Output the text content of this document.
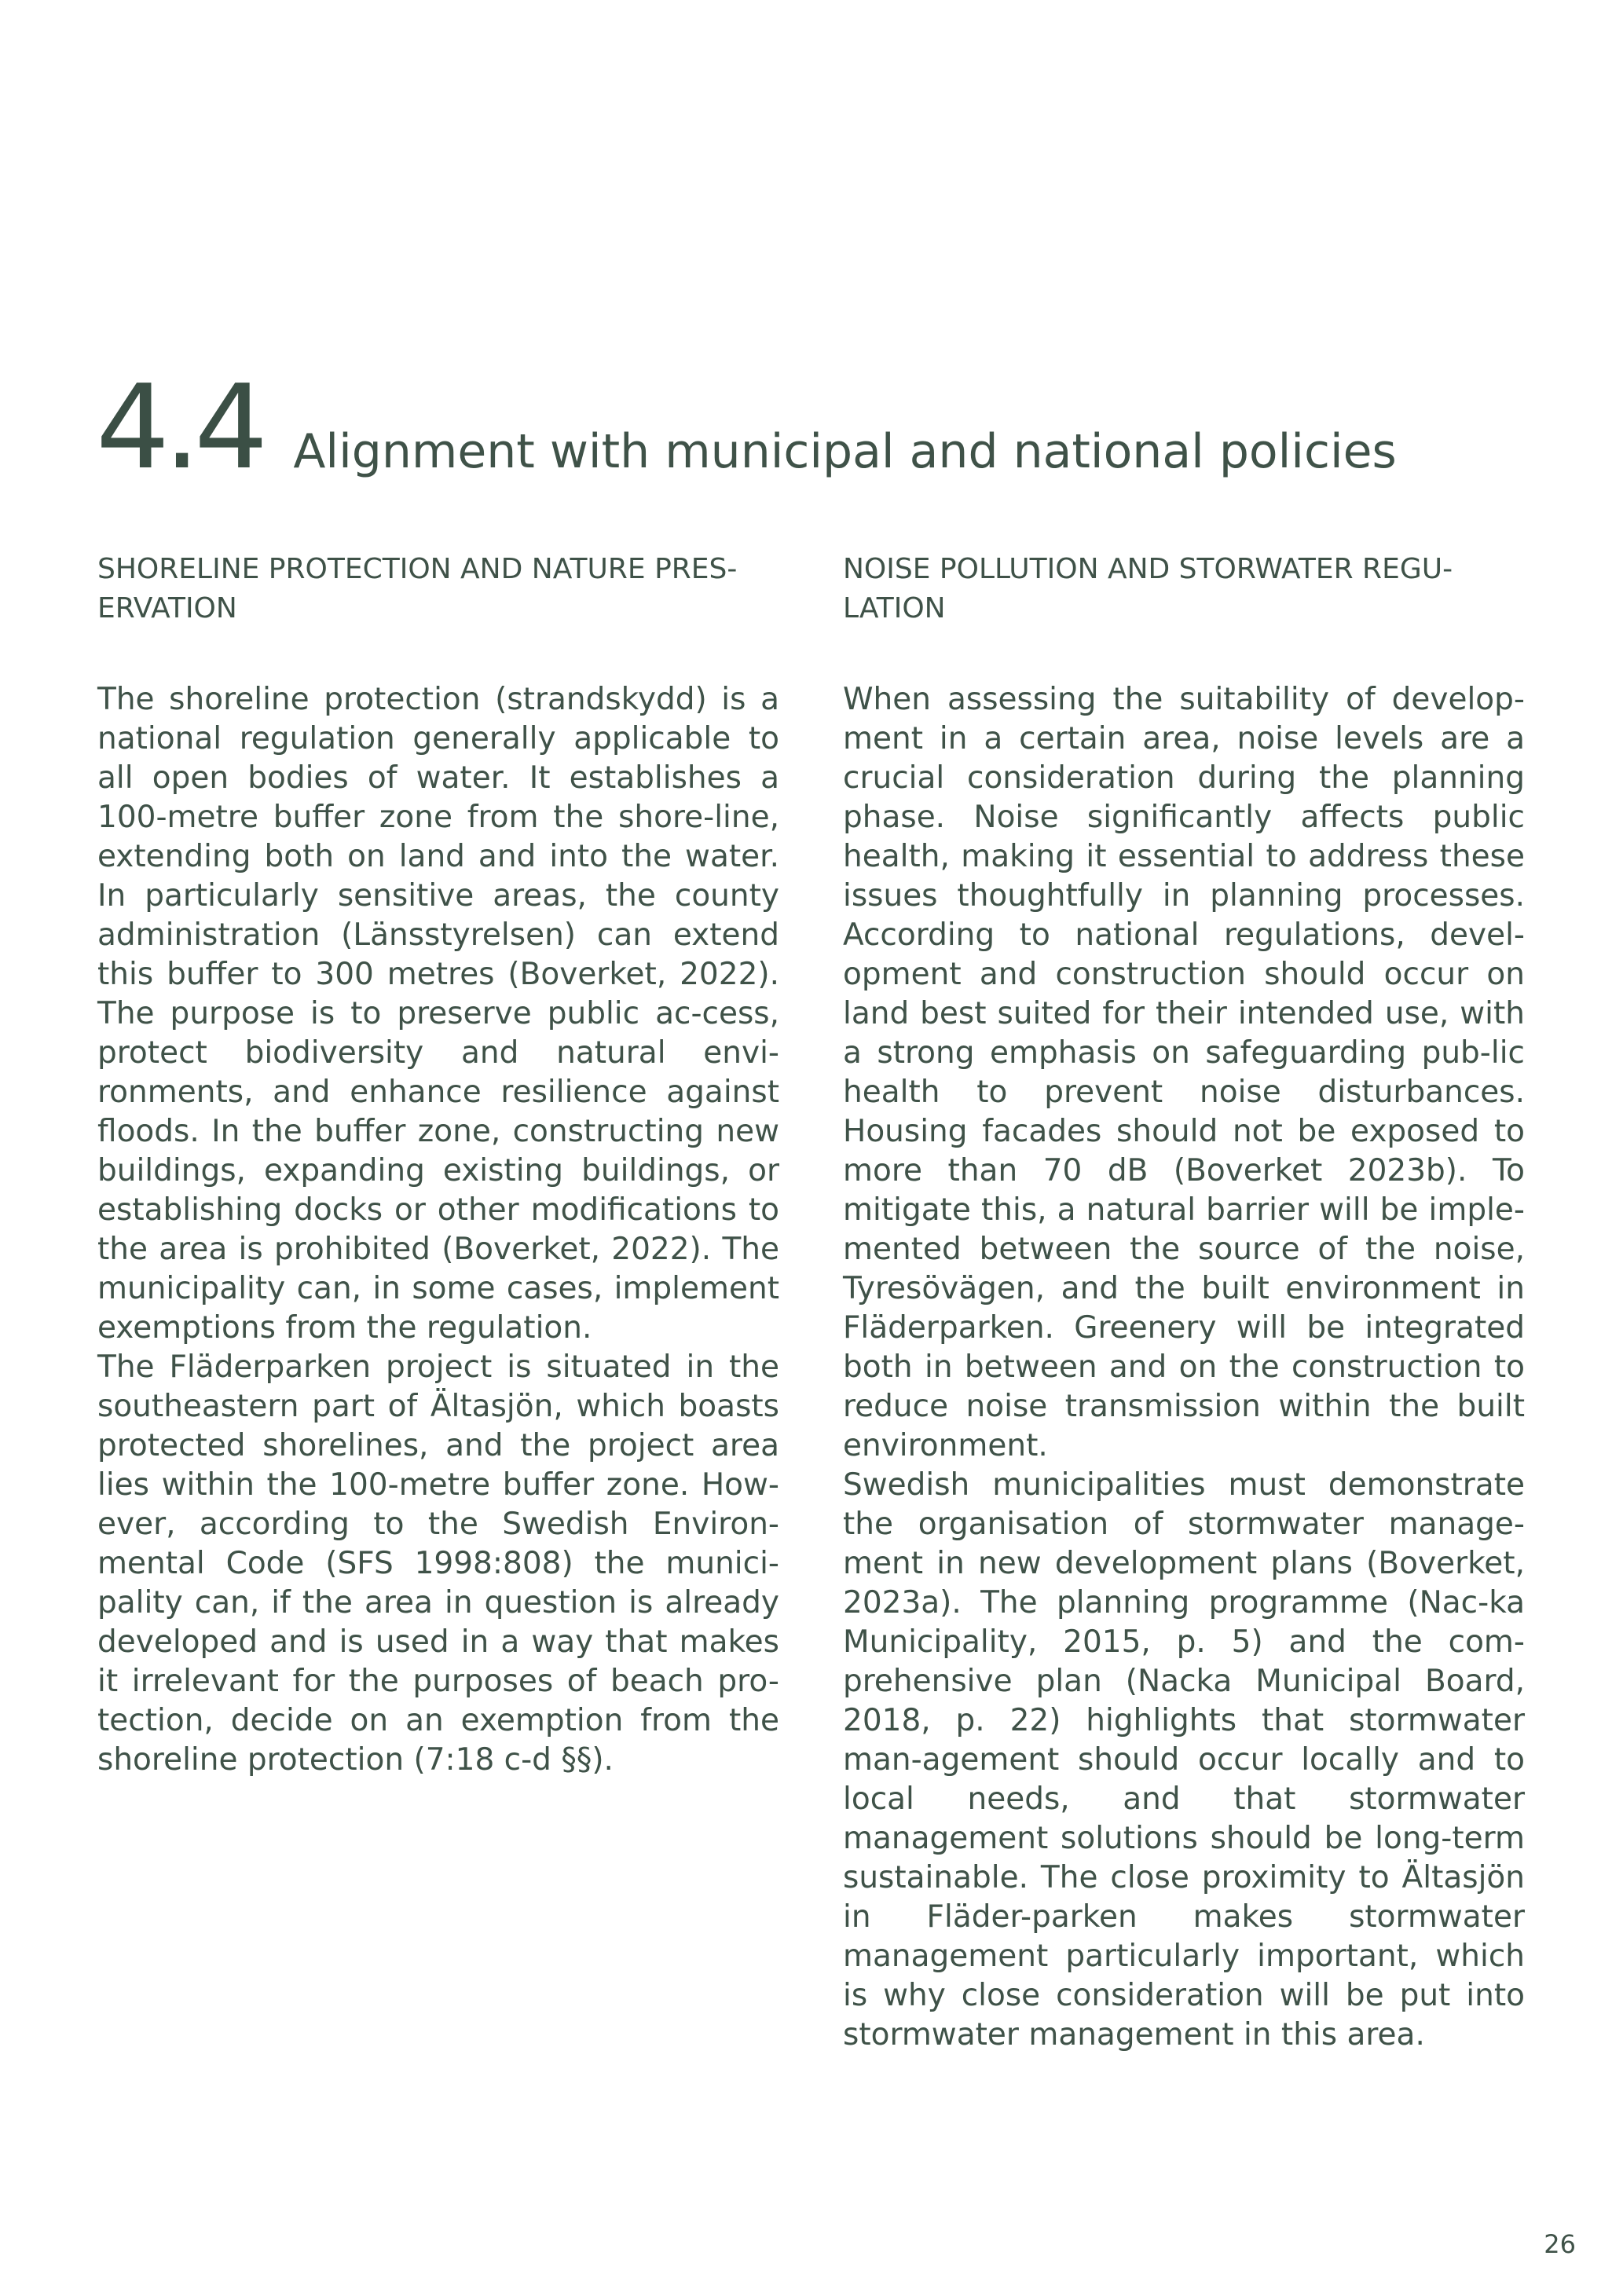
4.4 Alignment with municipal and national policies
SHORELINE PROTECTION AND NATURE PRES-
ERVATION

The shoreline protection (strandskydd) is a national regulation generally applicable to all open bodies of water. It establishes a 100-metre buffer zone from the shore-line, extending both on land and into the water. In particularly sensitive areas, the county administration (Länsstyrelsen) can extend this buffer to 300 metres (Boverket, 2022). The purpose is to preserve public ac-cess, protect biodiversity and natural envi-ronments, and enhance resilience against floods. In the buffer zone, constructing new buildings, expanding existing buildings, or establishing docks or other modifications to the area is prohibited (Boverket, 2022). The municipality can, in some cases, implement exemptions from the regulation.

The Fläderparken project is situated in the southeastern part of Ältasjön, which boasts protected shorelines, and the project area lies within the 100-metre buffer zone. How-ever, according to the Swedish Environ-mental Code (SFS 1998:808) the munici-pality can, if the area in question is already developed and is used in a way that makes it irrelevant for the purposes of beach pro-tection, decide on an exemption from the shoreline protection (7:18 c-d §§).

NOISE POLLUTION AND STORWATER REGU-
LATION

When assessing the suitability of develop-ment in a certain area, noise levels are a crucial consideration during the planning phase. Noise significantly affects public health, making it essential to address these issues thoughtfully in planning processes. According to national regulations, devel-opment and construction should occur on land best suited for their intended use, with a strong emphasis on safeguarding pub-lic health to prevent noise disturbances. Housing facades should not be exposed to more than 70 dB (Boverket 2023b). To mitigate this, a natural barrier will be imple-mented between the source of the noise, Tyresövägen, and the built environment in Fläderparken. Greenery will be integrated both in between and on the construction to reduce noise transmission within the built environment.

Swedish municipalities must demonstrate the organisation of stormwater manage-ment in new development plans (Boverket, 2023a). The planning programme (Nac-ka Municipality, 2015, p. 5) and the com-prehensive plan (Nacka Municipal Board, 2018, p. 22) highlights that stormwater man-agement should occur locally and to local needs, and that stormwater management solutions should be long-term sustainable. The close proximity to Ältasjön in Fläder-parken makes stormwater management particularly important, which is why close consideration will be put into stormwater management in this area.

26
